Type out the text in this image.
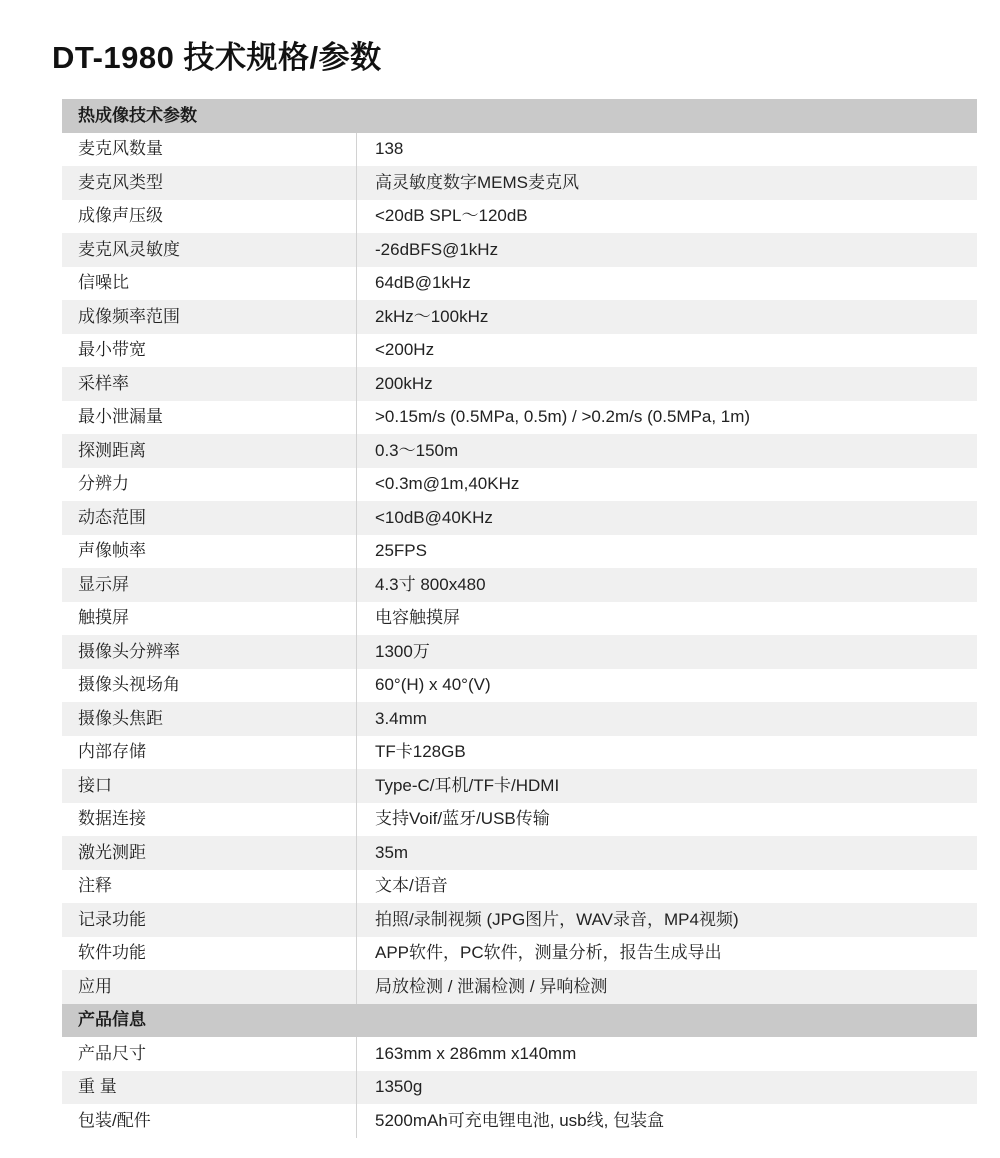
DT-1980 技术规格/参数
热成像技术参数	
麦克风数量	138
麦克风类型	高灵敏度数字MEMS麦克风
成像声压级	<20dB SPL～120dB
麦克风灵敏度	-26dBFS@1kHz
信噪比	64dB@1kHz
成像频率范围	2kHz～100kHz
最小带宽	<200Hz
采样率	200kHz
最小泄漏量	>0.15m/s (0.5MPa, 0.5m) / >0.2m/s (0.5MPa, 1m)
探测距离	0.3～150m
分辨力	<0.3m@1m,40KHz
动态范围	<10dB@40KHz
声像帧率	25FPS
显示屏	4.3寸 800x480
触摸屏	电容触摸屏
摄像头分辨率	1300万
摄像头视场角	60°(H) x 40°(V)
摄像头焦距	3.4mm
内部存储	TF卡128GB
接口	Type-C/耳机/TF卡/HDMI
数据连接	支持Voif/蓝牙/USB传输
激光测距	35m
注释	文本/语音
记录功能	拍照/录制视频 (JPG图片，WAV录音，MP4视频)
软件功能	APP软件，PC软件，测量分析，报告生成导出
应用	局放检测 / 泄漏检测 / 异响检测
产品信息	
产品尺寸	163mm x 286mm x140mm
重 量	1350g
包装/配件	5200mAh可充电锂电池, usb线, 包装盒
